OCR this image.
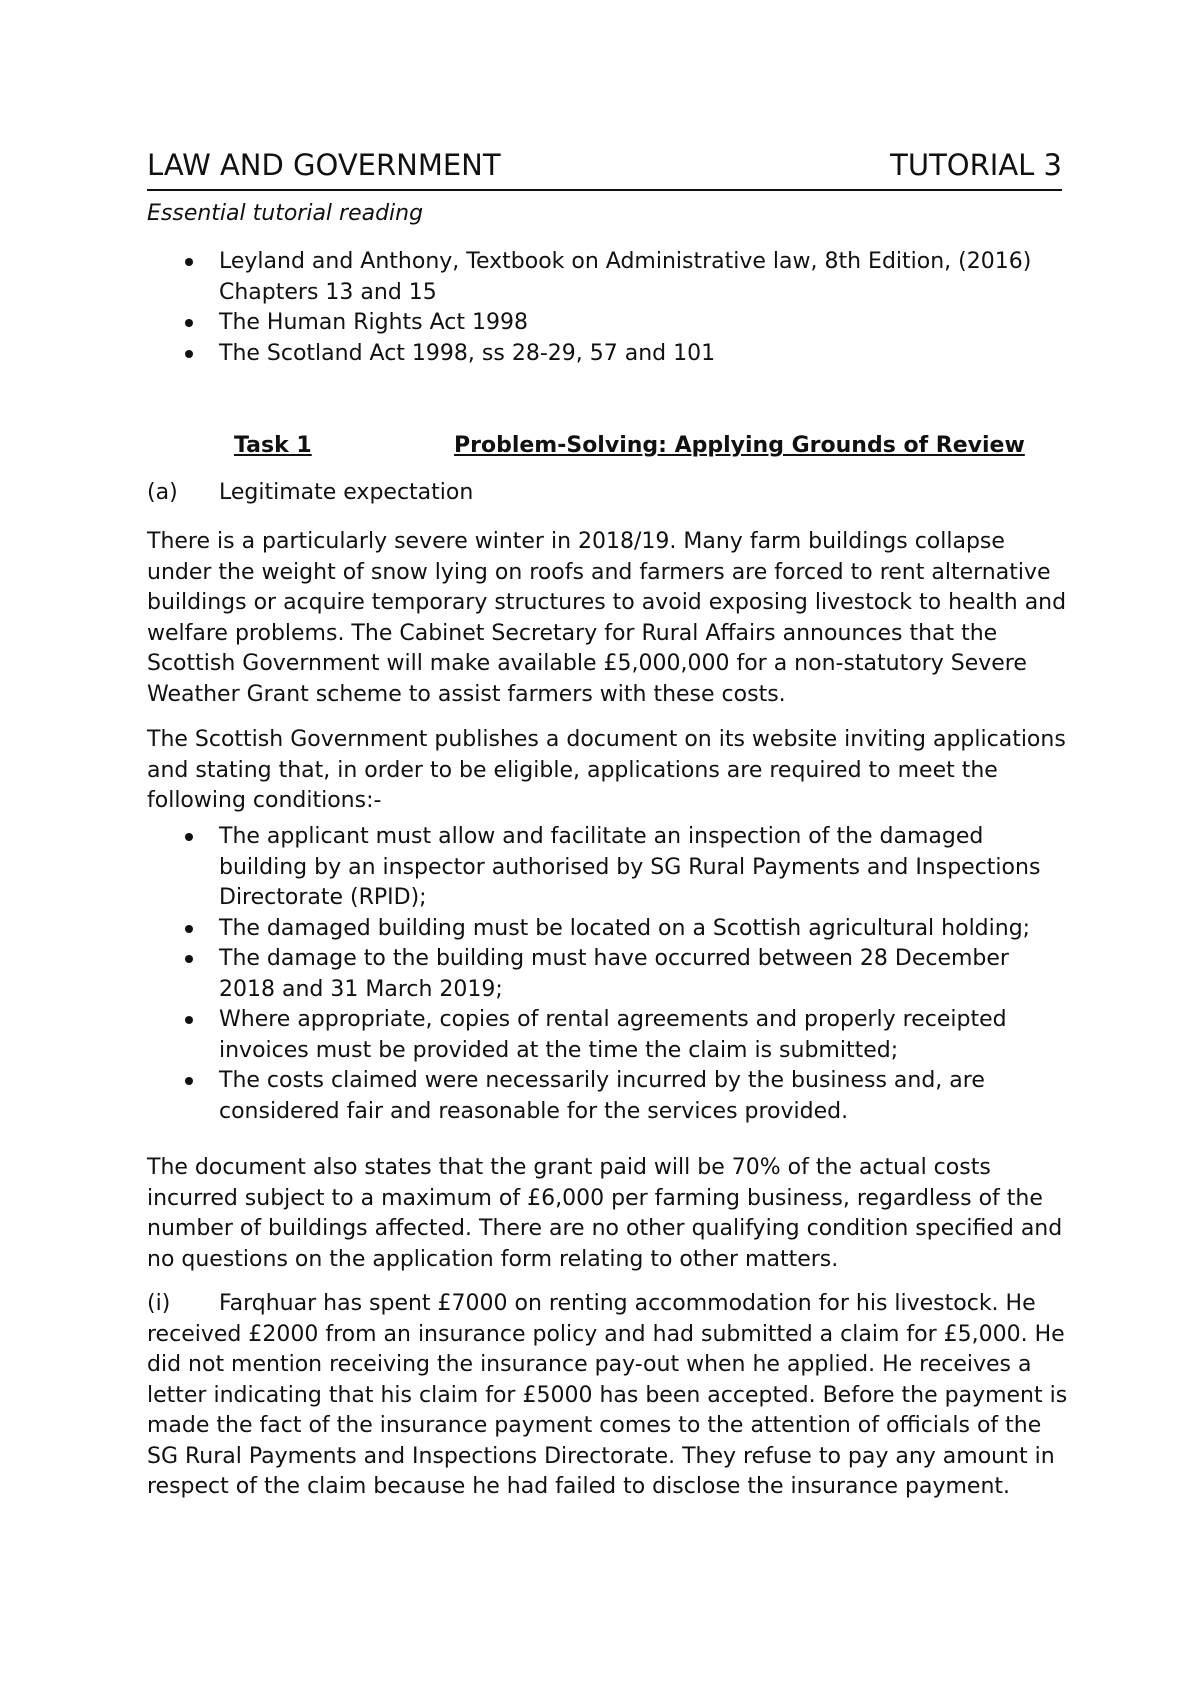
LAW AND GOVERNMENT	TUTORIAL 3
Essential tutorial reading
Leyland and Anthony, Textbook on Administrative law, 8th Edition, (2016) Chapters 13 and 15
The Human Rights Act 1998
The Scotland Act 1998, ss 28-29, 57 and 101
Task 1	Problem-Solving: Applying Grounds of Review
(a) Legitimate expectation

There is a particularly severe winter in 2018/19. Many farm buildings collapse under the weight of snow lying on roofs and farmers are forced to rent alternative buildings or acquire temporary structures to avoid exposing livestock to health and welfare problems. The Cabinet Secretary for Rural Affairs announces that the Scottish Government will make available £5,000,000 for a non-statutory Severe Weather Grant scheme to assist farmers with these costs.

The Scottish Government publishes a document on its website inviting applications and stating that, in order to be eligible, applications are required to meet the following conditions:-

The applicant must allow and facilitate an inspection of the damaged building by an inspector authorised by SG Rural Payments and Inspections Directorate (RPID);
The damaged building must be located on a Scottish agricultural holding;
The damage to the building must have occurred between 28 December 2018 and 31 March 2019;
Where appropriate, copies of rental agreements and properly receipted invoices must be provided at the time the claim is submitted;
The costs claimed were necessarily incurred by the business and, are considered fair and reasonable for the services provided.

The document also states that the grant paid will be 70% of the actual costs incurred subject to a maximum of £6,000 per farming business, regardless of the number of buildings affected. There are no other qualifying condition specified and no questions on the application form relating to other matters.

(i) Farqhuar has spent £7000 on renting accommodation for his livestock. He received £2000 from an insurance policy and had submitted a claim for £5,000. He did not mention receiving the insurance pay-out when he applied. He receives a letter indicating that his claim for £5000 has been accepted. Before the payment is made the fact of the insurance payment comes to the attention of officials of the SG Rural Payments and Inspections Directorate. They refuse to pay any amount in respect of the claim because he had failed to disclose the insurance payment.
